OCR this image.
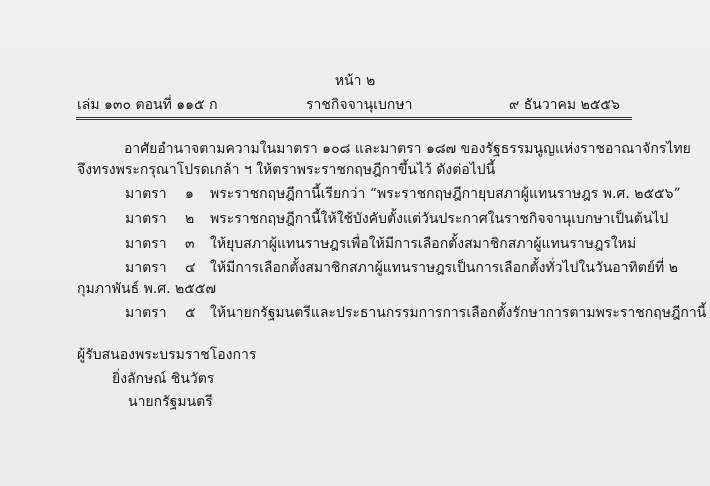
หน้า ๒
เล่ม ๑๓๐ ตอนที่ ๑๑๕ ก	ราชกิจจานุเบกษา	๙ ธันวาคม ๒๕๕๖
อาศัยอำนาจตามความในมาตรา ๑๐๘ และมาตรา ๑๘๗ ของรัฐธรรมนูญแห่งราชอาณาจักรไทย
จึงทรงพระกรุณาโปรดเกล้า ฯ ให้ตราพระราชกฤษฎีกาขึ้นไว้ ดังต่อไปนี้
มาตรา ๑ พระราชกฤษฎีกานี้เรียกว่า “พระราชกฤษฎีกายุบสภาผู้แทนราษฎร พ.ศ. ๒๕๕๖”
มาตรา ๒ พระราชกฤษฎีกานี้ให้ใช้บังคับตั้งแต่วันประกาศในราชกิจจานุเบกษาเป็นต้นไป
มาตรา ๓ ให้ยุบสภาผู้แทนราษฎรเพื่อให้มีการเลือกตั้งสมาชิกสภาผู้แทนราษฎรใหม่
มาตรา ๔ ให้มีการเลือกตั้งสมาชิกสภาผู้แทนราษฎรเป็นการเลือกตั้งทั่วไปในวันอาทิตย์ที่ ๒
กุมภาพันธ์ พ.ศ. ๒๕๕๗
มาตรา ๕ ให้นายกรัฐมนตรีและประธานกรรมการการเลือกตั้งรักษาการตามพระราชกฤษฎีกานี้
ผู้รับสนองพระบรมราชโองการ
ยิ่งลักษณ์ ชินวัตร
นายกรัฐมนตรี
